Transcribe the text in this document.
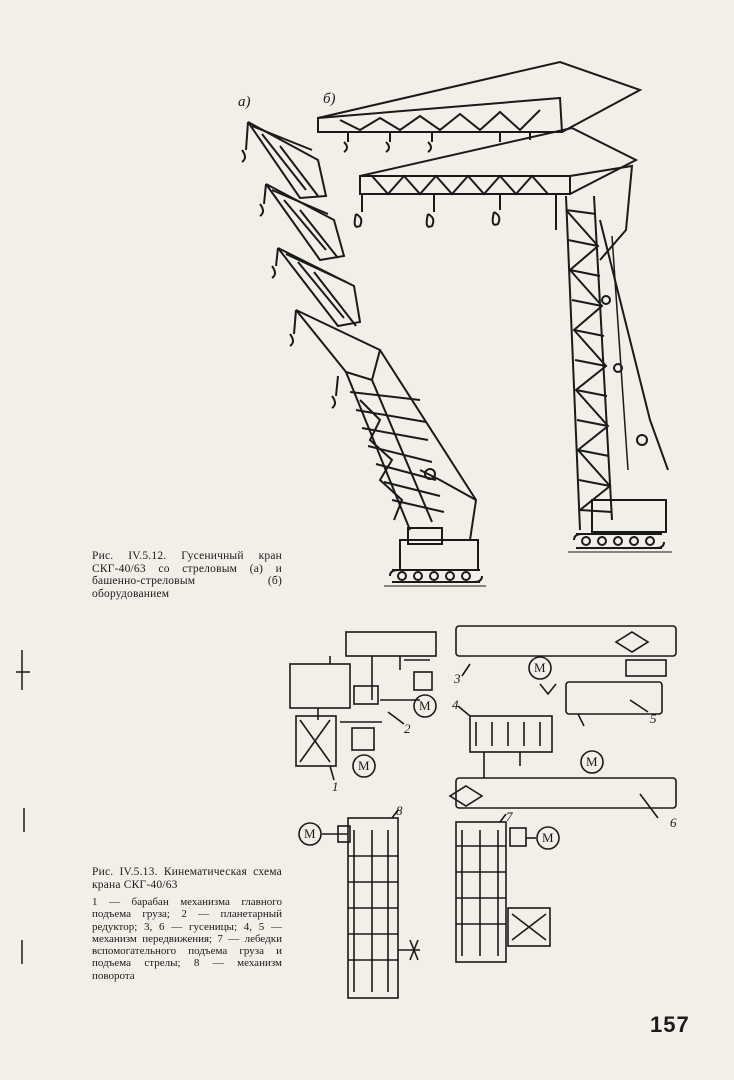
а)	б)
Рис. IV.5.12. Гусеничный кран СКГ-40/63 со стреловым (а) и башенно-стреловым (б) оборудованием
М
М
М
М
М	М
1
2
3
4
5
6
7
8
Рис. IV.5.13. Кинематическая схема крана СКГ-40/63
1 — барабан механизма главного подъема груза; 2 — планетарный редуктор; 3, 6 — гусеницы; 4, 5 — механизм передвижения; 7 — лебедки вспомогательного подъема груза и подъема стрелы; 8 — механизм поворота
157
